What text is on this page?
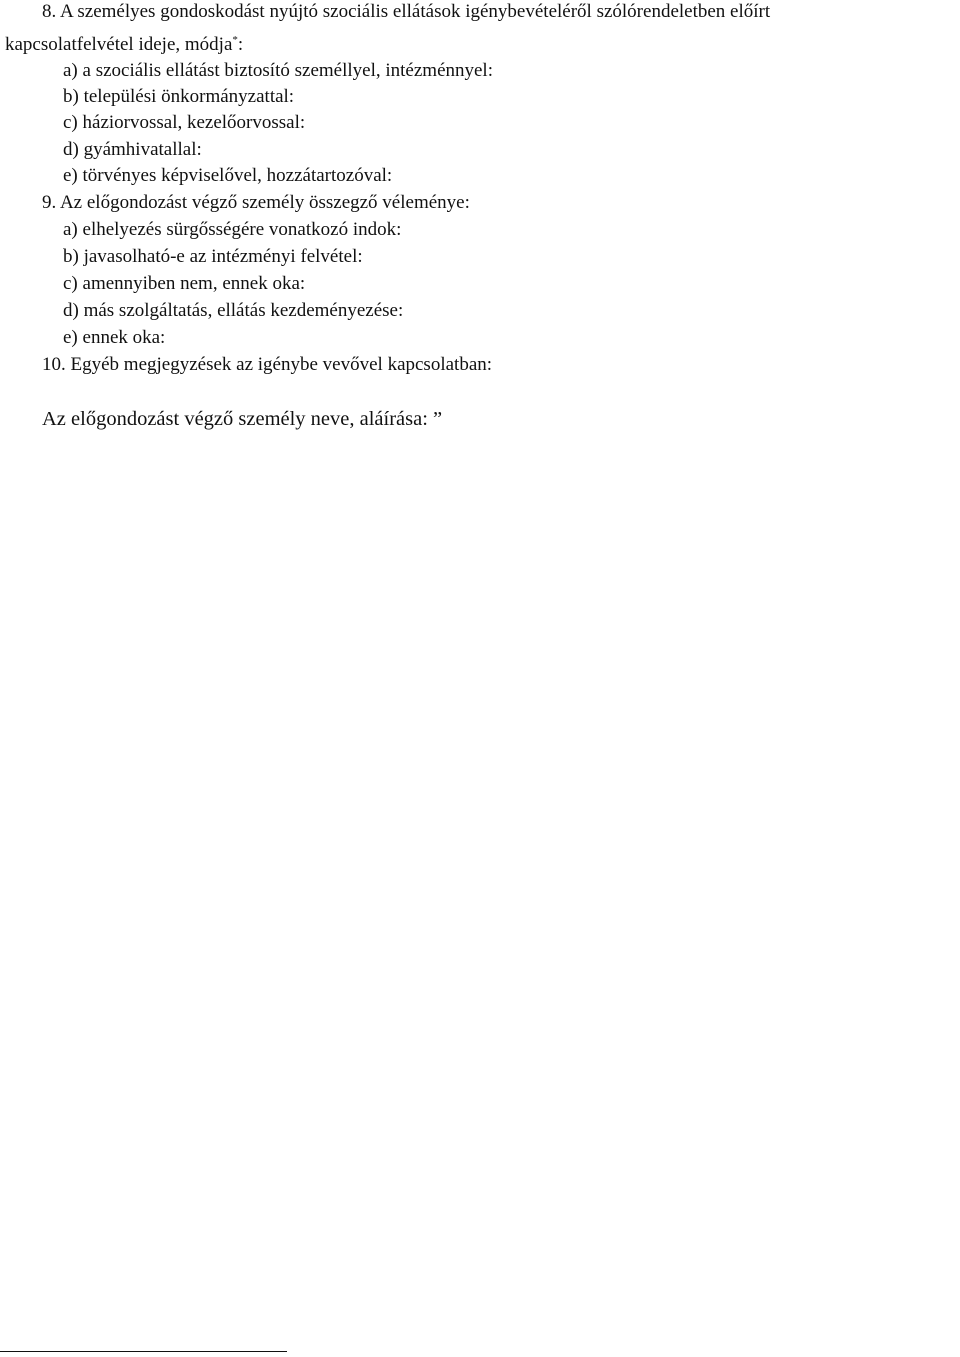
8. A személyes gondoskodást nyújtó szociális ellátások igénybevételéről szólórendeletben előírt
kapcsolatfelvétel ideje, módja*:
a) a szociális ellátást biztosító személlyel, intézménnyel:
b) települési önkormányzattal:
c) háziorvossal, kezelőorvossal:
d) gyámhivatallal:
e) törvényes képviselővel, hozzátartozóval:
9. Az előgondozást végző személy összegző véleménye:
a) elhelyezés sürgősségére vonatkozó indok:
b) javasolható-e az intézményi felvétel:
c) amennyiben nem, ennek oka:
d) más szolgáltatás, ellátás kezdeményezése:
e) ennek oka:
10. Egyéb megjegyzések az igénybe vevővel kapcsolatban:
Az előgondozást végző személy neve, aláírása: ”
